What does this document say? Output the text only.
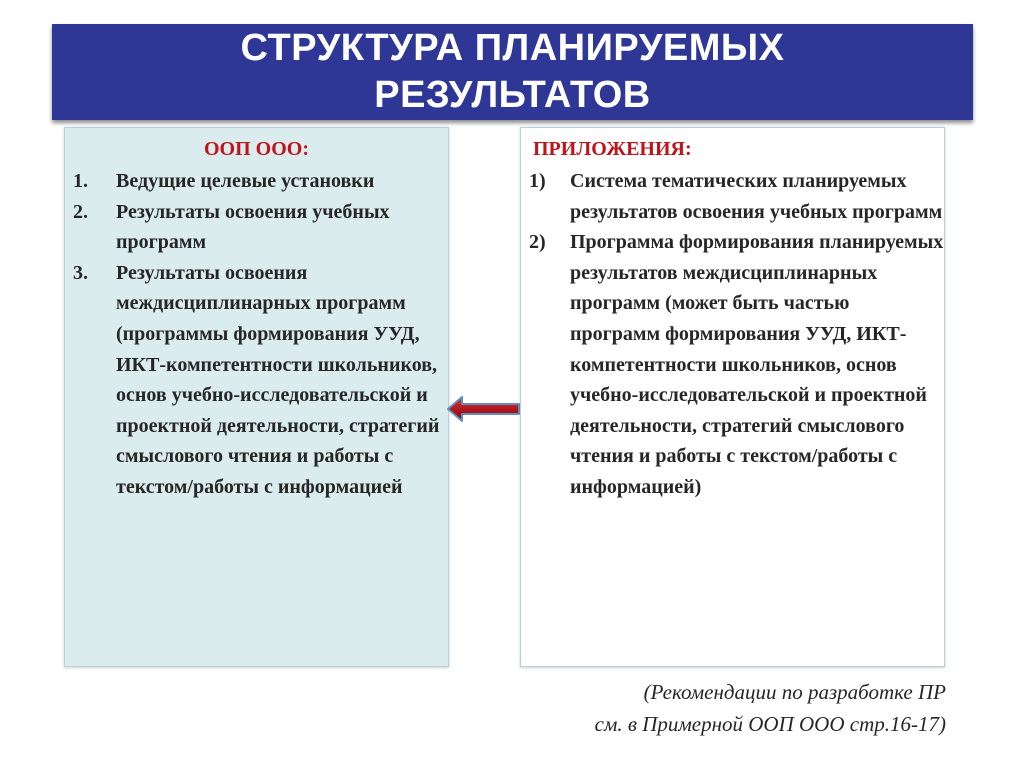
СТРУКТУРА ПЛАНИРУЕМЫХ
РЕЗУЛЬТАТОВ
ООП ООО:
1.	Ведущие целевые установки
2.	Результаты освоения учебных программ
3.	Результаты освоения междисциплинарных программ (программы формирования УУД, ИКТ-компетентности школьников, основ учебно-исследовательской и проектной деятельности, стратегий смыслового чтения и работы с текстом/работы с информацией
ПРИЛОЖЕНИЯ:
1)	Система тематических планируемых результатов освоения учебных программ
2)	Программа формирования планируемых результатов междисциплинарных программ (может быть частью программ формирования УУД, ИКТ-компетентности школьников, основ учебно-исследовательской и проектной деятельности, стратегий смыслового чтения и работы с текстом/работы с информацией)
(Рекомендации по разработке ПР
см. в Примерной ООП ООО стр.16-17)
